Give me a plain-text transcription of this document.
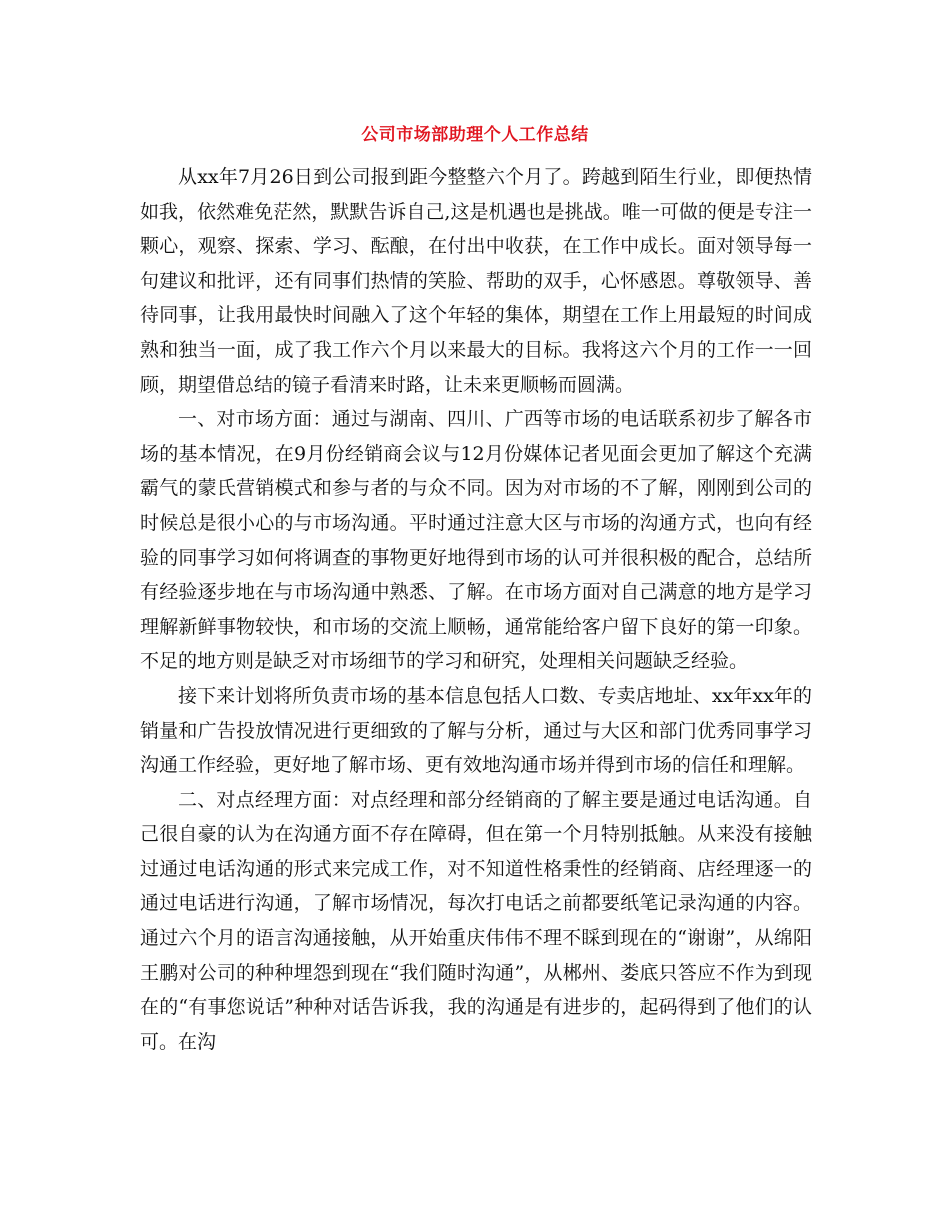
公司市场部助理个人工作总结

从xx年7月26日到公司报到距今整整六个月了。跨越到陌生行业，即便热情如我，依然难免茫然，默默告诉自己,这是机遇也是挑战。唯一可做的便是专注一颗心，观察、探索、学习、酝酿，在付出中收获，在工作中成长。面对领导每一句建议和批评，还有同事们热情的笑脸、帮助的双手，心怀感恩。尊敬领导、善待同事，让我用最快时间融入了这个年轻的集体，期望在工作上用最短的时间成熟和独当一面，成了我工作六个月以来最大的目标。我将这六个月的工作一一回顾，期望借总结的镜子看清来时路，让未来更顺畅而圆满。

一、对市场方面：通过与湖南、四川、广西等市场的电话联系初步了解各市场的基本情况，在9月份经销商会议与12月份媒体记者见面会更加了解这个充满霸气的蒙氏营销模式和参与者的与众不同。因为对市场的不了解，刚刚到公司的时候总是很小心的与市场沟通。平时通过注意大区与市场的沟通方式，也向有经验的同事学习如何将调查的事物更好地得到市场的认可并很积极的配合，总结所有经验逐步地在与市场沟通中熟悉、了解。在市场方面对自己满意的地方是学习理解新鲜事物较快，和市场的交流上顺畅，通常能给客户留下良好的第一印象。不足的地方则是缺乏对市场细节的学习和研究，处理相关问题缺乏经验。

接下来计划将所负责市场的基本信息包括人口数、专卖店地址、xx年xx年的销量和广告投放情况进行更细致的了解与分析，通过与大区和部门优秀同事学习沟通工作经验，更好地了解市场、更有效地沟通市场并得到市场的信任和理解。

二、对点经理方面：对点经理和部分经销商的了解主要是通过电话沟通。自己很自豪的认为在沟通方面不存在障碍，但在第一个月特别抵触。从来没有接触过通过电话沟通的形式来完成工作，对不知道性格秉性的经销商、店经理逐一的通过电话进行沟通，了解市场情况，每次打电话之前都要纸笔记录沟通的内容。通过六个月的语言沟通接触，从开始重庆伟伟不理不睬到现在的“谢谢”，从绵阳王鹏对公司的种种埋怨到现在“我们随时沟通”，从郴州、娄底只答应不作为到现在的“有事您说话”种种对话告诉我，我的沟通是有进步的，起码得到了他们的认可。在沟
